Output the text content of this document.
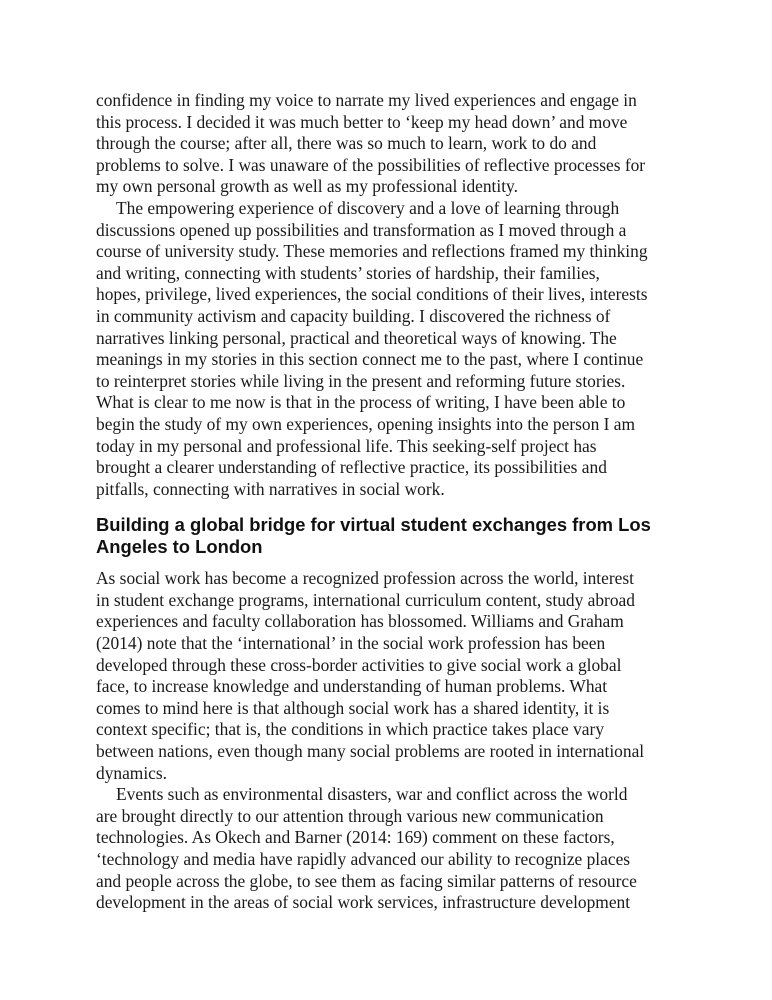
confidence in finding my voice to narrate my lived experiences and engage in
this process. I decided it was much better to ‘keep my head down’ and move
through the course; after all, there was so much to learn, work to do and
problems to solve. I was unaware of the possibilities of reflective processes for
my own personal growth as well as my professional identity.
The empowering experience of discovery and a love of learning through
discussions opened up possibilities and transformation as I moved through a
course of university study. These memories and reflections framed my thinking
and writing, connecting with students’ stories of hardship, their families,
hopes, privilege, lived experiences, the social conditions of their lives, interests
in community activism and capacity building. I discovered the richness of
narratives linking personal, practical and theoretical ways of knowing. The
meanings in my stories in this section connect me to the past, where I continue
to reinterpret stories while living in the present and reforming future stories.
What is clear to me now is that in the process of writing, I have been able to
begin the study of my own experiences, opening insights into the person I am
today in my personal and professional life. This seeking-self project has
brought a clearer understanding of reflective practice, its possibilities and
pitfalls, connecting with narratives in social work.
Building a global bridge for virtual student exchanges from Los
Angeles to London
As social work has become a recognized profession across the world, interest
in student exchange programs, international curriculum content, study abroad
experiences and faculty collaboration has blossomed. Williams and Graham
(2014) note that the ‘international’ in the social work profession has been
developed through these cross-border activities to give social work a global
face, to increase knowledge and understanding of human problems. What
comes to mind here is that although social work has a shared identity, it is
context specific; that is, the conditions in which practice takes place vary
between nations, even though many social problems are rooted in international
dynamics.
Events such as environmental disasters, war and conflict across the world
are brought directly to our attention through various new communication
technologies. As Okech and Barner (2014: 169) comment on these factors,
‘technology and media have rapidly advanced our ability to recognize places
and people across the globe, to see them as facing similar patterns of resource
development in the areas of social work services, infrastructure development
